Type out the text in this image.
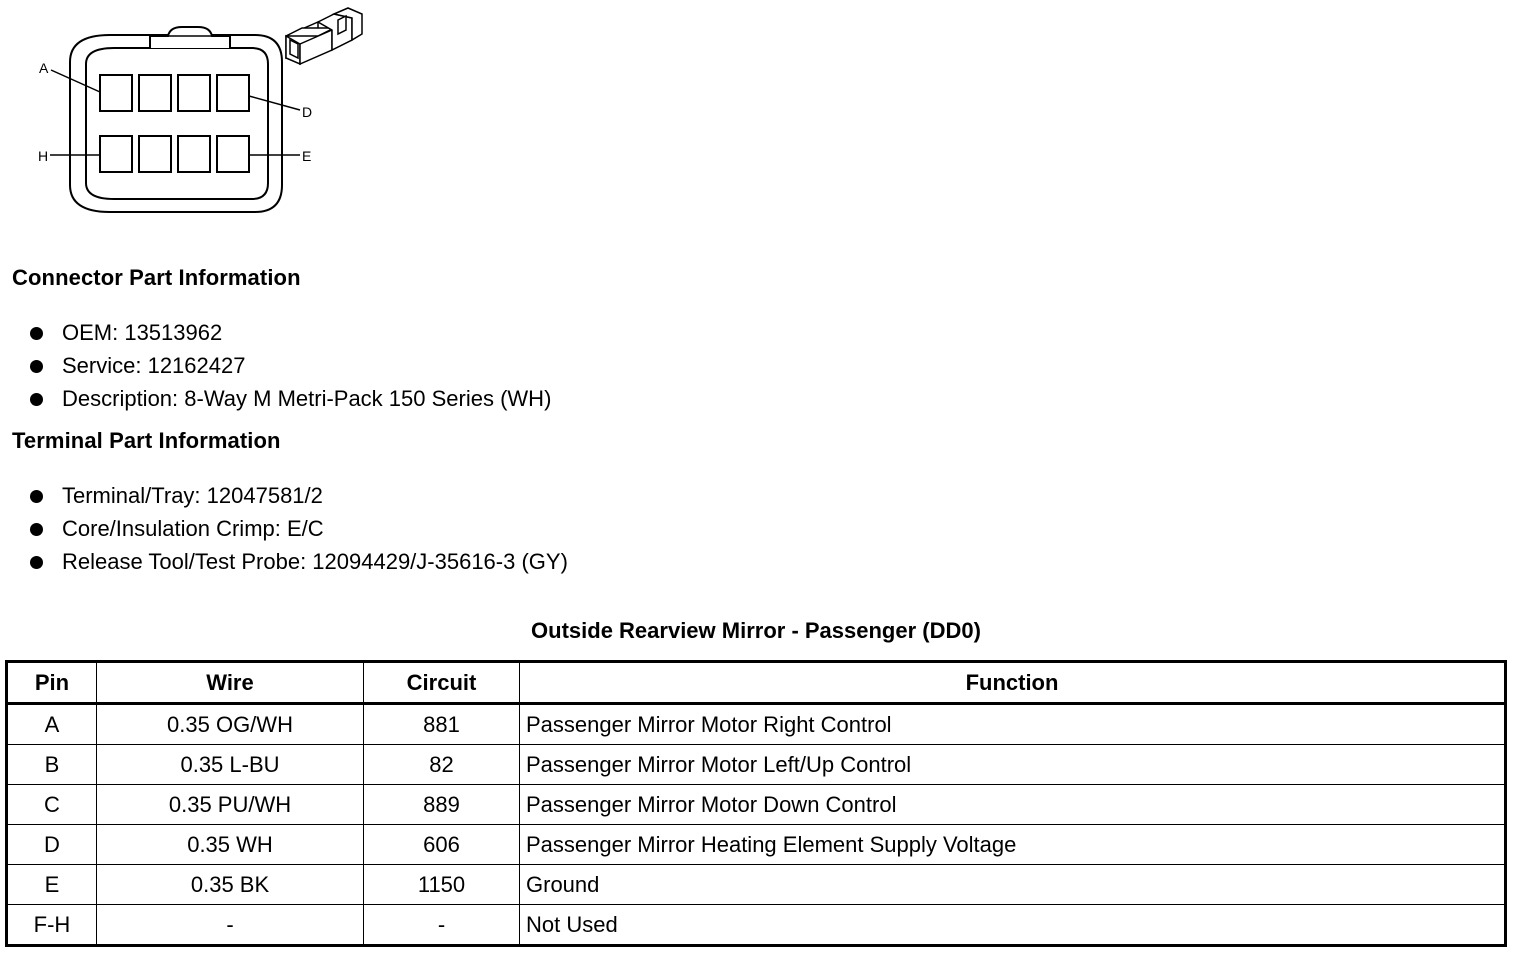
A
D
H	E
Connector Part Information
OEM: 13513962
Service: 12162427
Description: 8-Way M Metri-Pack 150 Series (WH)
Terminal Part Information
Terminal/Tray: 12047581/2
Core/Insulation Crimp: E/C
Release Tool/Test Probe: 12094429/J-35616-3 (GY)
Outside Rearview Mirror - Passenger (DD0)
Pin	Wire	Circuit	Function
A	0.35 OG/WH	881	Passenger Mirror Motor Right Control
B	0.35 L-BU	82	Passenger Mirror Motor Left/Up Control
C	0.35 PU/WH	889	Passenger Mirror Motor Down Control
D	0.35 WH	606	Passenger Mirror Heating Element Supply Voltage
E	0.35 BK	1150	Ground
F-H	-	-	Not Used
